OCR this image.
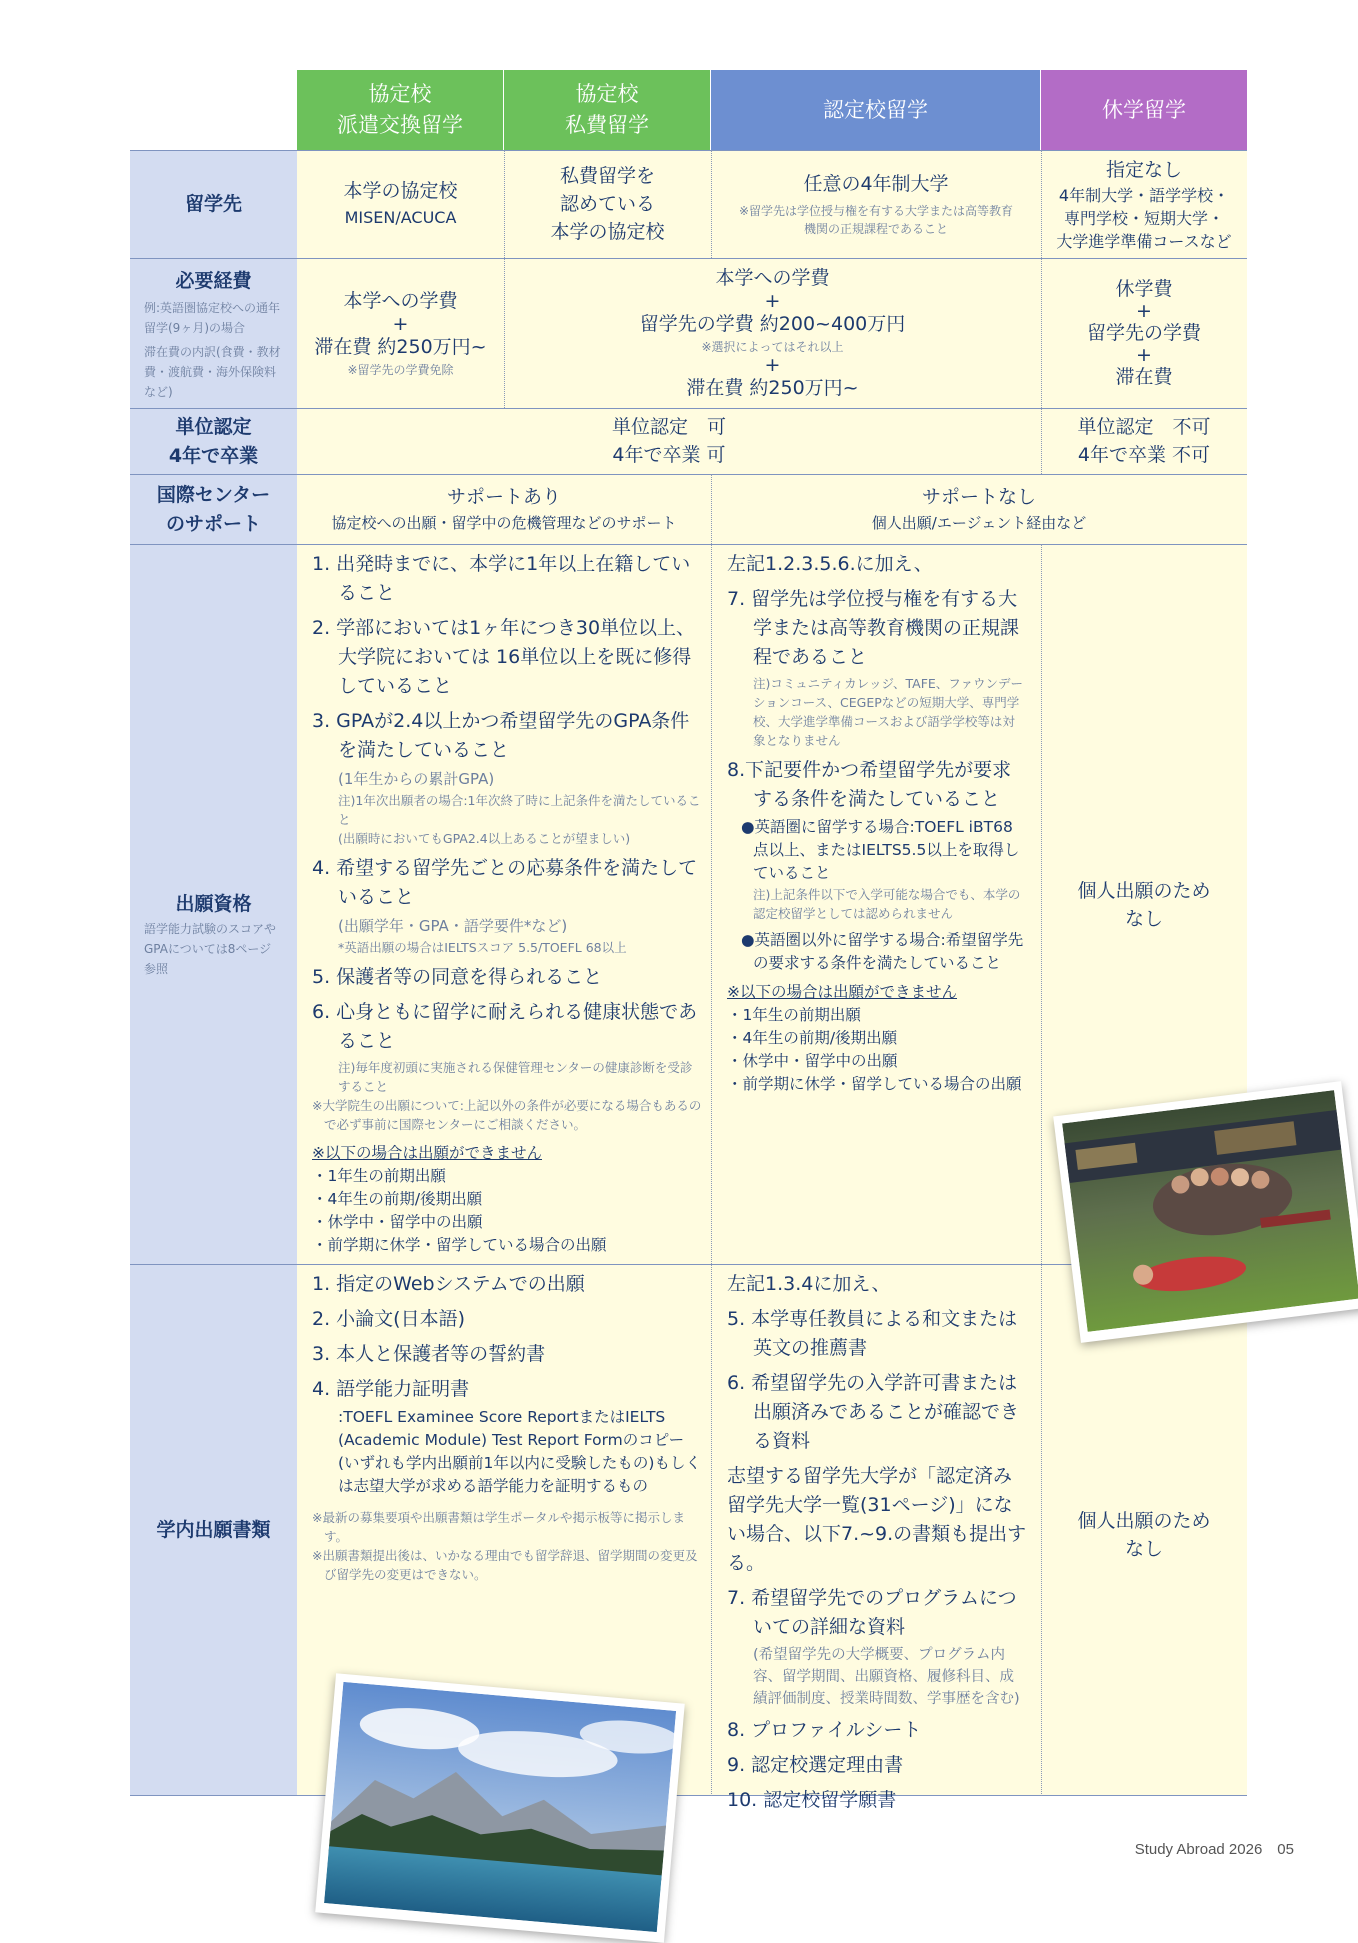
協定校
派遣交換留学
協定校
私費留学
認定校留学	休学留学
留学先
必要経費
例:英語圏協定校への通年留学(9ヶ月)の場合
滞在費の内訳(食費・教材費・渡航費・海外保険料など)
単位認定
4年で卒業
国際センター
のサポート
出願資格
語学能力試験のスコアやGPAについては8ページ参照
学内出願書類
本学の協定校
MISEN/ACUCA
私費留学を
認めている
本学の協定校
任意の4年制大学
※留学先は学位授与権を有する大学または高等教育
機関の正規課程であること
指定なし
4年制大学・語学学校・
専門学校・短期大学・
大学進学準備コースなど
本学への学費
+
滞在費 約250万円~
※留学先の学費免除
本学への学費
+
留学先の学費 約200~400万円
※選択によってはそれ以上
+
滞在費 約250万円~
休学費
+
留学先の学費
+
滞在費
単位認定　可
4年で卒業 可
単位認定　不可
4年で卒業 不可
サポートあり
協定校への出願・留学中の危機管理などのサポート
サポートなし
個人出願/エージェント経由など
1. 出発時までに、本学に1年以上在籍していること
2. 学部においては1ヶ年につき30単位以上、大学院においては 16単位以上を既に修得していること
3. GPAが2.4以上かつ希望留学先のGPA条件を満たしていること
(1年生からの累計GPA)
注)1年次出願者の場合:1年次終了時に上記条件を満たしていること
(出願時においてもGPA2.4以上あることが望ましい)
4. 希望する留学先ごとの応募条件を満たしていること
(出願学年・GPA・語学要件*など)
*英語出願の場合はIELTSスコア 5.5/TOEFL 68以上
5. 保護者等の同意を得られること
6. 心身ともに留学に耐えられる健康状態であること
注)毎年度初頭に実施される保健管理センターの健康診断を受診すること
※大学院生の出願について:上記以外の条件が必要になる場合もあるので必ず事前に国際センターにご相談ください。
※以下の場合は出願ができません
・1年生の前期出願
・4年生の前期/後期出願
・休学中・留学中の出願
・前学期に休学・留学している場合の出願
左記1.2.3.5.6.に加え、
7. 留学先は学位授与権を有する大学または高等教育機関の正規課程であること
注)コミュニティカレッジ、TAFE、ファウンデーションコース、CEGEPなどの短期大学、専門学校、大学進学準備コースおよび語学学校等は対象となりません
8.下記要件かつ希望留学先が要求する条件を満たしていること
●英語圏に留学する場合:TOEFL iBT68点以上、またはIELTS5.5以上を取得していること
注)上記条件以下で入学可能な場合でも、本学の認定校留学としては認められません
●英語圏以外に留学する場合:希望留学先の要求する条件を満たしていること
※以下の場合は出願ができません
・1年生の前期出願
・4年生の前期/後期出願
・休学中・留学中の出願
・前学期に休学・留学している場合の出願
個人出願のため
なし
1. 指定のWebシステムでの出願
2. 小論文(日本語)
3. 本人と保護者等の誓約書
4. 語学能力証明書
:TOEFL Examinee Score ReportまたはIELTS (Academic Module) Test Report Formのコピー (いずれも学内出願前1年以内に受験したもの)もしくは志望大学が求める語学能力を証明するもの
※最新の募集要項や出願書類は学生ポータルや掲示板等に掲示します。
※出願書類提出後は、いかなる理由でも留学辞退、留学期間の変更及び留学先の変更はできない。
左記1.3.4に加え、
5. 本学専任教員による和文または英文の推薦書
6. 希望留学先の入学許可書または出願済みであることが確認できる資料
志望する留学先大学が「認定済み留学先大学一覧(31ページ)」にない場合、以下7.~9.の書類も提出する。
7. 希望留学先でのプログラムについての詳細な資料
(希望留学先の大学概要、プログラム内容、留学期間、出願資格、履修科目、成績評価制度、授業時間数、学事歴を含む)
8. プロファイルシート
9. 認定校選定理由書
10. 認定校留学願書
個人出願のため
なし
Study Abroad 2026　05
